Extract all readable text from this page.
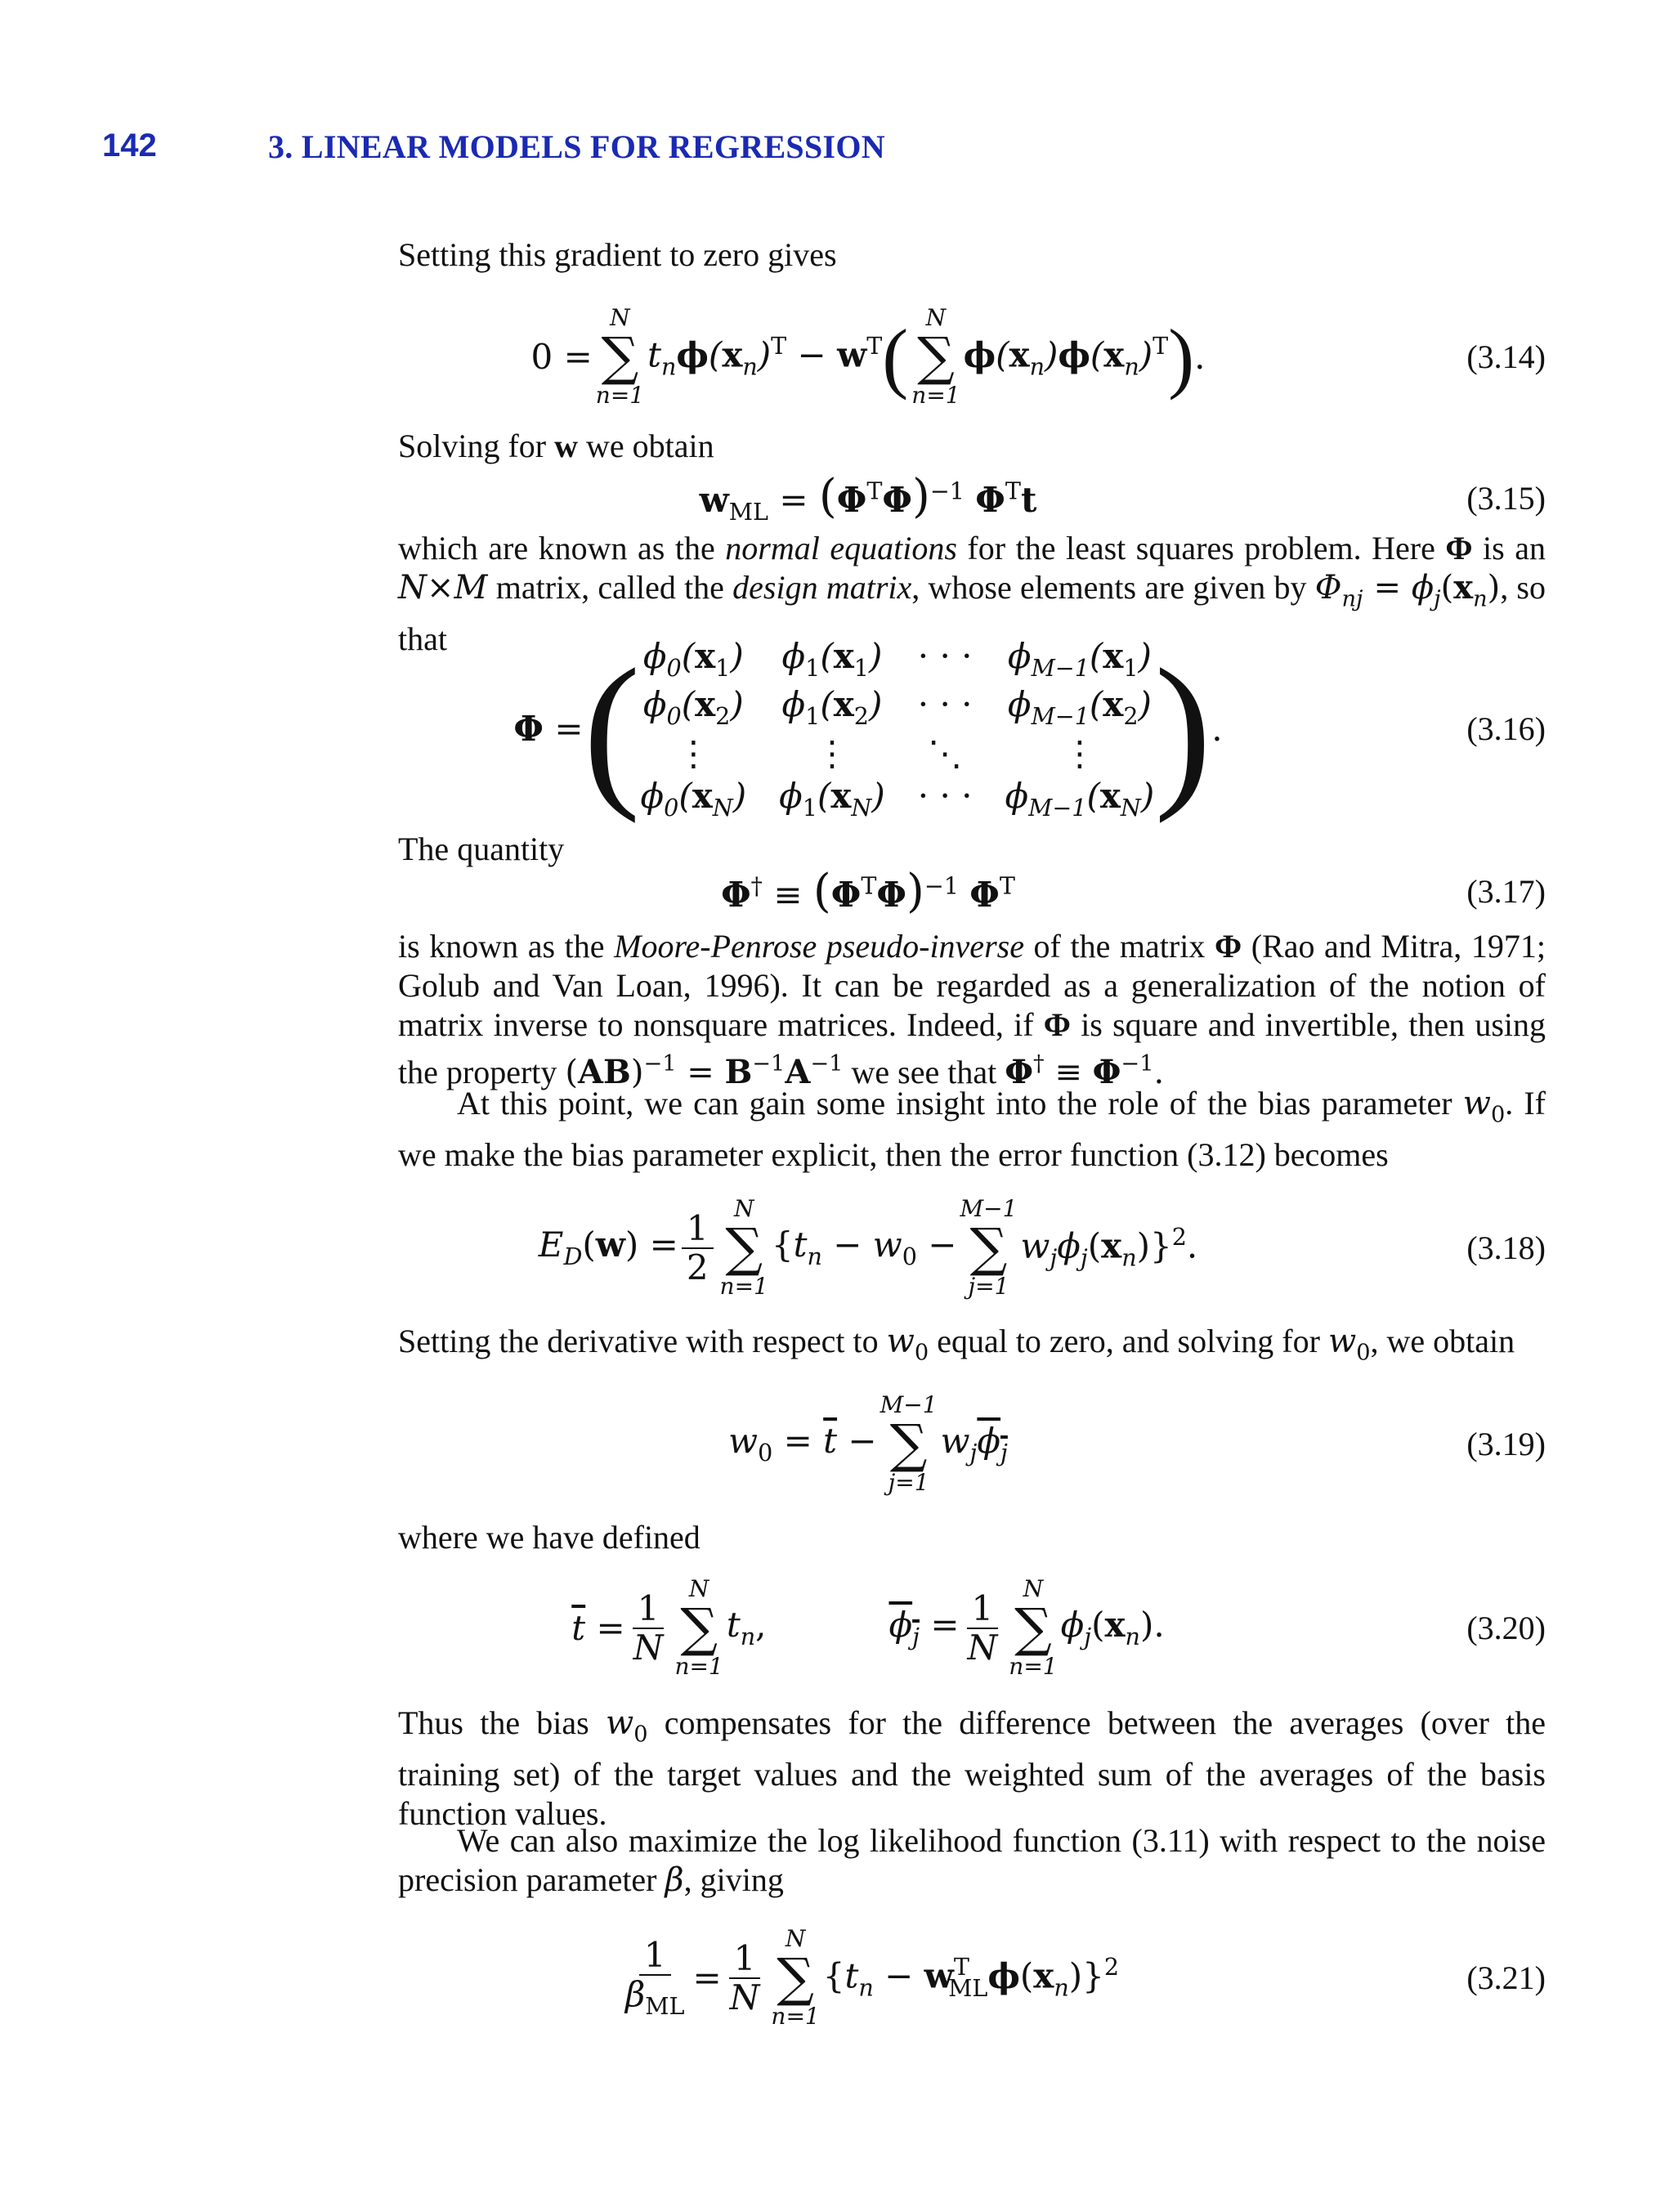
142	3. LINEAR MODELS FOR REGRESSION
Setting this gradient to zero gives
0 =
N
∑
n=1
$t_n\phi(x_n)^T - w^T$ ( N
∑
n=1
$\phi(x_n)\phi(x_n)^T$ ) .	(3.14)
Solving for w we obtain
$w_{ML} = (\Phi^T\Phi)^{-1}$ $\Phi^Tt$	(3.15)
which are known as the normal equations for the least squares problem. Here Φ is an N×M matrix, called the design matrix, whose elements are given by $\Phi_{nj} = \phi_j(x_n)$, so that
Φ = ( $\phi_0(x_1) \phi_1(x_1)$ · · · $\phi_{M-1}(x_1)$
$\phi_0(x_2) \phi_1(x_2)$ · · · $\phi_{M-1}(x_2)$
⋮	⋮	⋱	⋮
$\phi_0(x_N) \phi_1(x_N)$ · · · $\phi_{M-1}(x_N)$ ) .	(3.16)
The quantity
$\Phi^\dagger \equiv (\Phi^T\Phi)^{-1}$ $\Phi^T$	(3.17)
is known as the Moore-Penrose pseudo-inverse of the matrix Φ (Rao and Mitra, 1971; Golub and Van Loan, 1996). It can be regarded as a generalization of the notion of matrix inverse to nonsquare matrices. Indeed, if Φ is square and invertible, then using the property $(AB)^{-1} = B^{-1}A^{-1}$ we see that $\Phi^\dagger \equiv \Phi^{-1}$.
At this point, we can gain some insight into the role of the bias parameter $w_0$. If we make the bias parameter explicit, then the error function (3.12) becomes
$E_D(w) = \frac{1}{2}$
N
∑
n=1
{$t_n - w_0$ −
M−1
∑
j=1
$w_j\phi_j(x_n)\}^2$.	(3.18)
Setting the derivative with respect to $w_0$ equal to zero, and solving for $w_0$, we obtain
$w_0 = \overline{t}$ −
M−1
∑
j=1
$w_j\phi_j$	(3.19)
where we have defined
$\overline{t} = \frac{1}{N}$
N
∑
n=1
$t_n$,	$\phi_j = \frac{1}{N}$
N
∑
n=1
$\phi_j(x_n)$.	(3.20)
Thus the bias $w_0$ compensates for the difference between the averages (over the training set) of the target values and the weighted sum of the averages of the basis function values.
We can also maximize the log likelihood function (3.11) with respect to the noise precision parameter β, giving
$\frac{1}{\beta_{ML}} = \frac{1}{N}$
N
∑
n=1
$\{t_n - w^T_{ML}\phi(x_n)\}^2$	(3.21)
